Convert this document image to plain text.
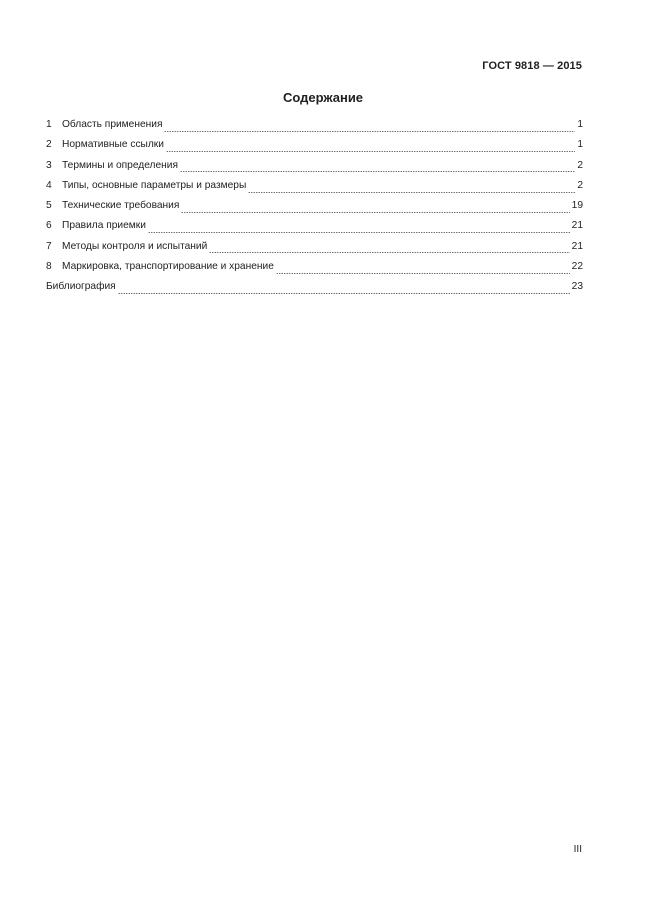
ГОСТ 9818 — 2015
Содержание
1	Область применения	1
2	Нормативные ссылки	1
3	Термины и определения	2
4	Типы, основные параметры и размеры	2
5	Технические требования	19
6	Правила приемки	21
7	Методы контроля и испытаний	21
8	Маркировка, транспортирование и хранение	22
Библиография	23
III
